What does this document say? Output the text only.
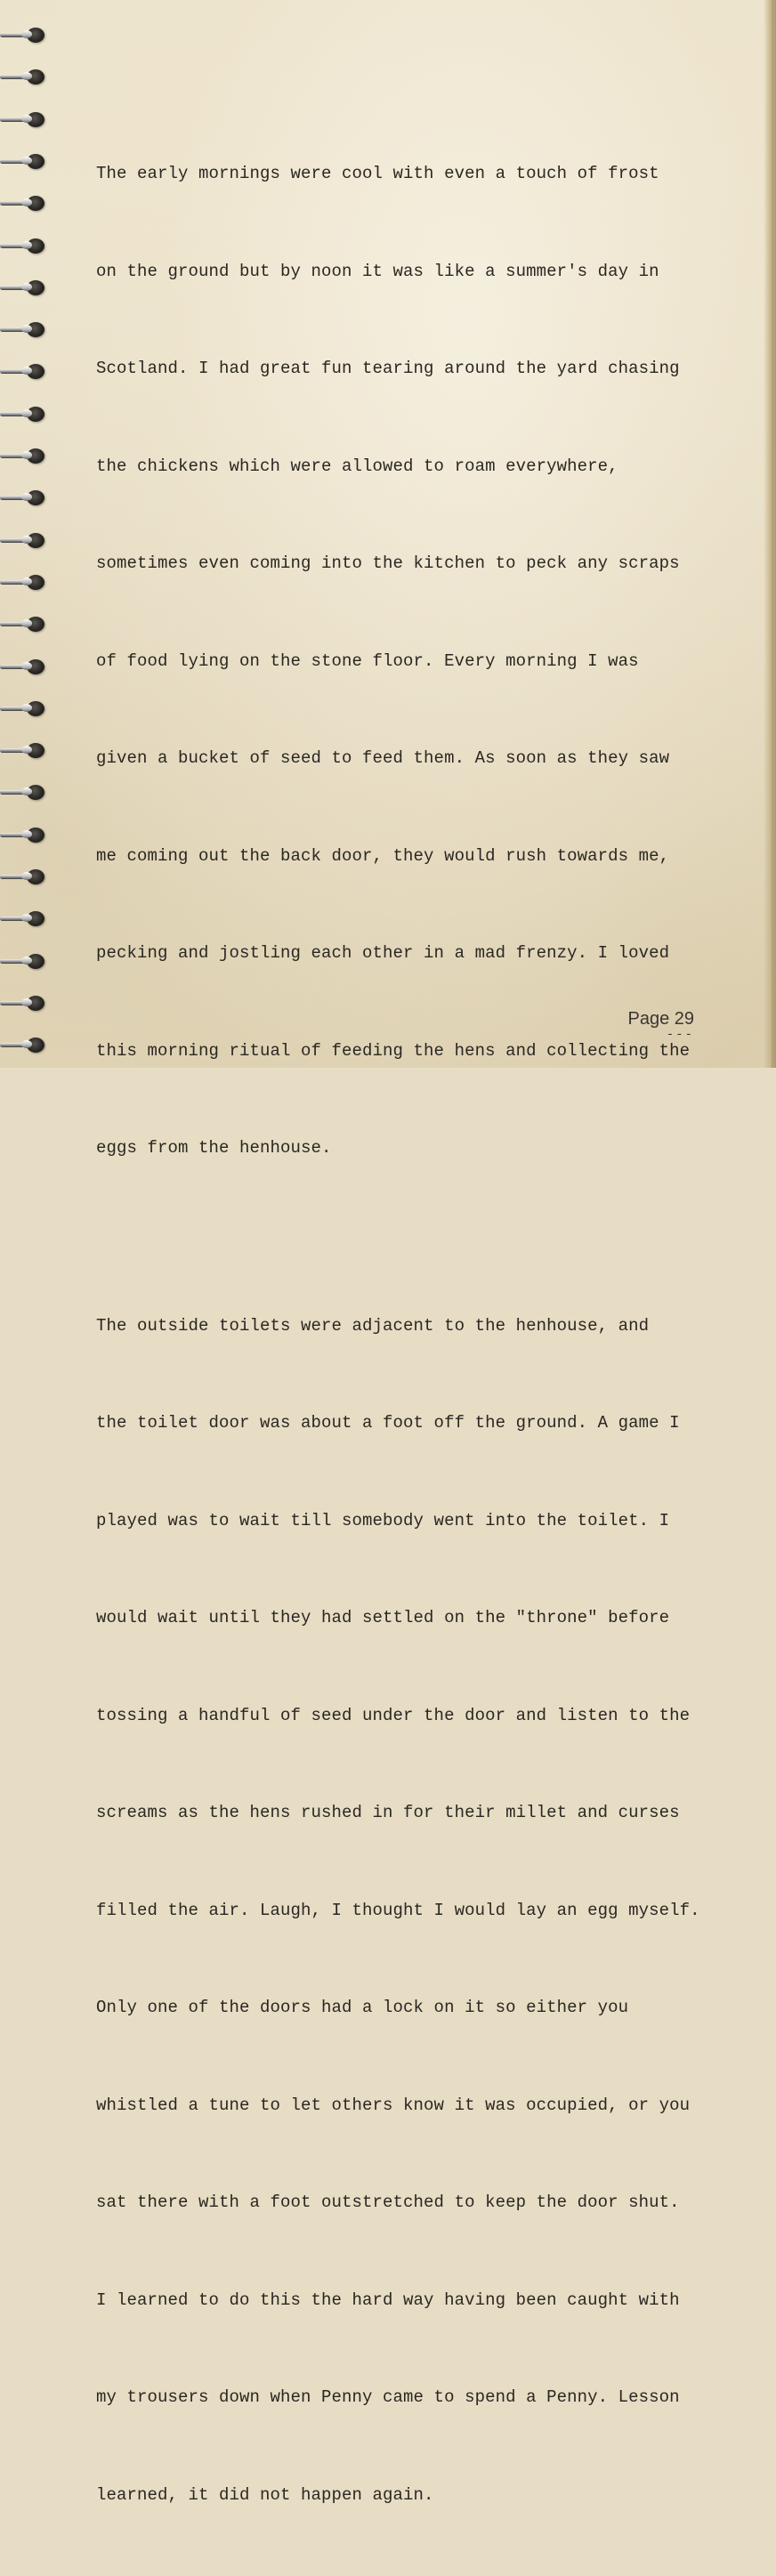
The early mornings were cool with even a touch of frost

on the ground but by noon it was like a summer's day in

Scotland. I had great fun tearing around the yard chasing

the chickens which were allowed to roam everywhere,

sometimes even coming into the kitchen to peck any scraps

of food lying on the stone floor. Every morning I was

given a bucket of seed to feed them. As soon as they saw

me coming out the back door, they would rush towards me,

pecking and jostling each other in a mad frenzy. I loved

this morning ritual of feeding the hens and collecting the

eggs from the henhouse.

The outside toilets were adjacent to the henhouse, and

the toilet door was about a foot off the ground. A game I

played was to wait till somebody went into the toilet. I

would wait until they had settled on the "throne" before

tossing a handful of seed under the door and listen to the

screams as the hens rushed in for their millet and curses

filled the air. Laugh, I thought I would lay an egg myself.

Only one of the doors had a lock on it so either you

whistled a tune to let others know it was occupied, or you

sat there with a foot outstretched to keep the door shut.

I learned to do this the hard way having been caught with

my trousers down when Penny came to spend a Penny. Lesson

learned, it did not happen again.

Page 29
---
